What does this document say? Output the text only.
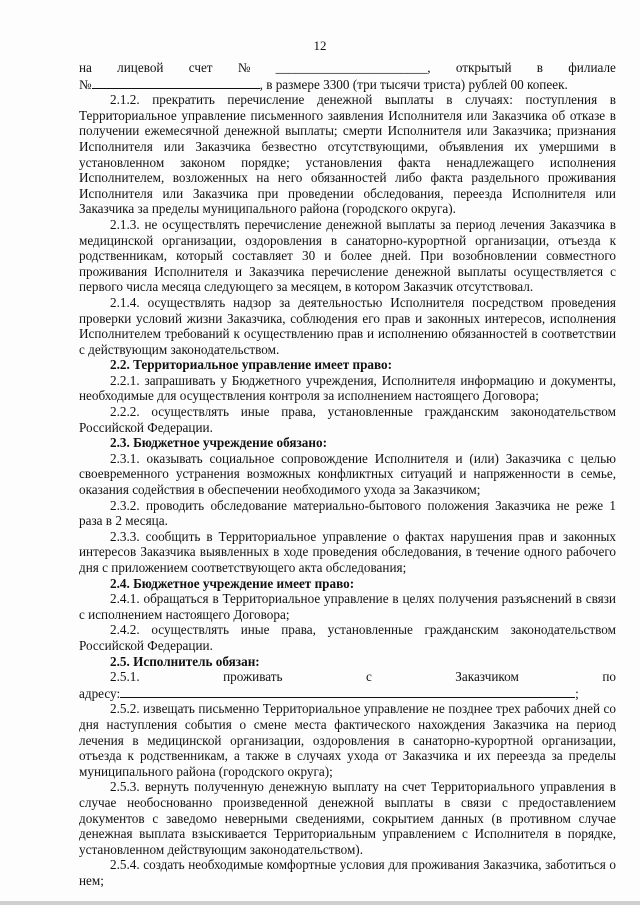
12
на лицевой счет № _______________________, открытый в филиале
№	, в размере 3300 (три тысячи триста) рублей 00 копеек.

2.1.2. прекратить перечисление денежной выплаты в случаях: поступления в Территориальное управление письменного заявления Исполнителя или Заказчика об отказе в получении ежемесячной денежной выплаты; смерти Исполнителя или Заказчика; признания Исполнителя или Заказчика безвестно отсутствующими, объявления их умершими в установленном законом порядке; установления факта ненадлежащего исполнения Исполнителем, возложенных на него обязанностей либо факта раздельного проживания Исполнителя или Заказчика при проведении обследования, переезда Исполнителя или Заказчика за пределы муниципального района (городского округа).

2.1.3. не осуществлять перечисление денежной выплаты за период лечения Заказчика в медицинской организации, оздоровления в санаторно-курортной организации, отъезда к родственникам, который составляет 30 и более дней. При возобновлении совместного проживания Исполнителя и Заказчика перечисление денежной выплаты осуществляется с первого числа месяца следующего за месяцем, в котором Заказчик отсутствовал.

2.1.4. осуществлять надзор за деятельностью Исполнителя посредством проведения проверки условий жизни Заказчика, соблюдения его прав и законных интересов, исполнения Исполнителем требований к осуществлению прав и исполнению обязанностей в соответствии с действующим законодательством.

2.2. Территориальное управление имеет право:

2.2.1. запрашивать у Бюджетного учреждения, Исполнителя информацию и документы, необходимые для осуществления контроля за исполнением настоящего Договора;

2.2.2. осуществлять иные права, установленные гражданским законодательством Российской Федерации.

2.3. Бюджетное учреждение обязано:

2.3.1. оказывать социальное сопровождение Исполнителя и (или) Заказчика с целью своевременного устранения возможных конфликтных ситуаций и напряженности в семье, оказания содействия в обеспечении необходимого ухода за Заказчиком;

2.3.2. проводить обследование материально-бытового положения Заказчика не реже 1 раза в 2 месяца.

2.3.3. сообщить в Территориальное управление о фактах нарушения прав и законных интересов Заказчика выявленных в ходе проведения обследования, в течение одного рабочего дня с приложением соответствующего акта обследования;

2.4. Бюджетное учреждение имеет право:

2.4.1. обращаться в Территориальное управление в целях получения разъяснений в связи с исполнением настоящего Договора;

2.4.2. осуществлять иные права, установленные гражданским законодательством Российской Федерации.

2.5. Исполнитель обязан:

2.5.1.	проживать	с	Заказчиком	по
адресу:	;

2.5.2. извещать письменно Территориальное управление не позднее трех рабочих дней со дня наступления события о смене места фактического нахождения Заказчика на период лечения в медицинской организации, оздоровления в санаторно-курортной организации, отъезда к родственникам, а также в случаях ухода от Заказчика и их переезда за пределы муниципального района (городского округа);

2.5.3. вернуть полученную денежную выплату на счет Территориального управления в случае необоснованно произведенной денежной выплаты в связи с предоставлением документов с заведомо неверными сведениями, сокрытием данных (в противном случае денежная выплата взыскивается Территориальным управлением с Исполнителя в порядке, установленном действующим законодательством).

2.5.4. создать необходимые комфортные условия для проживания Заказчика, заботиться о нем;
